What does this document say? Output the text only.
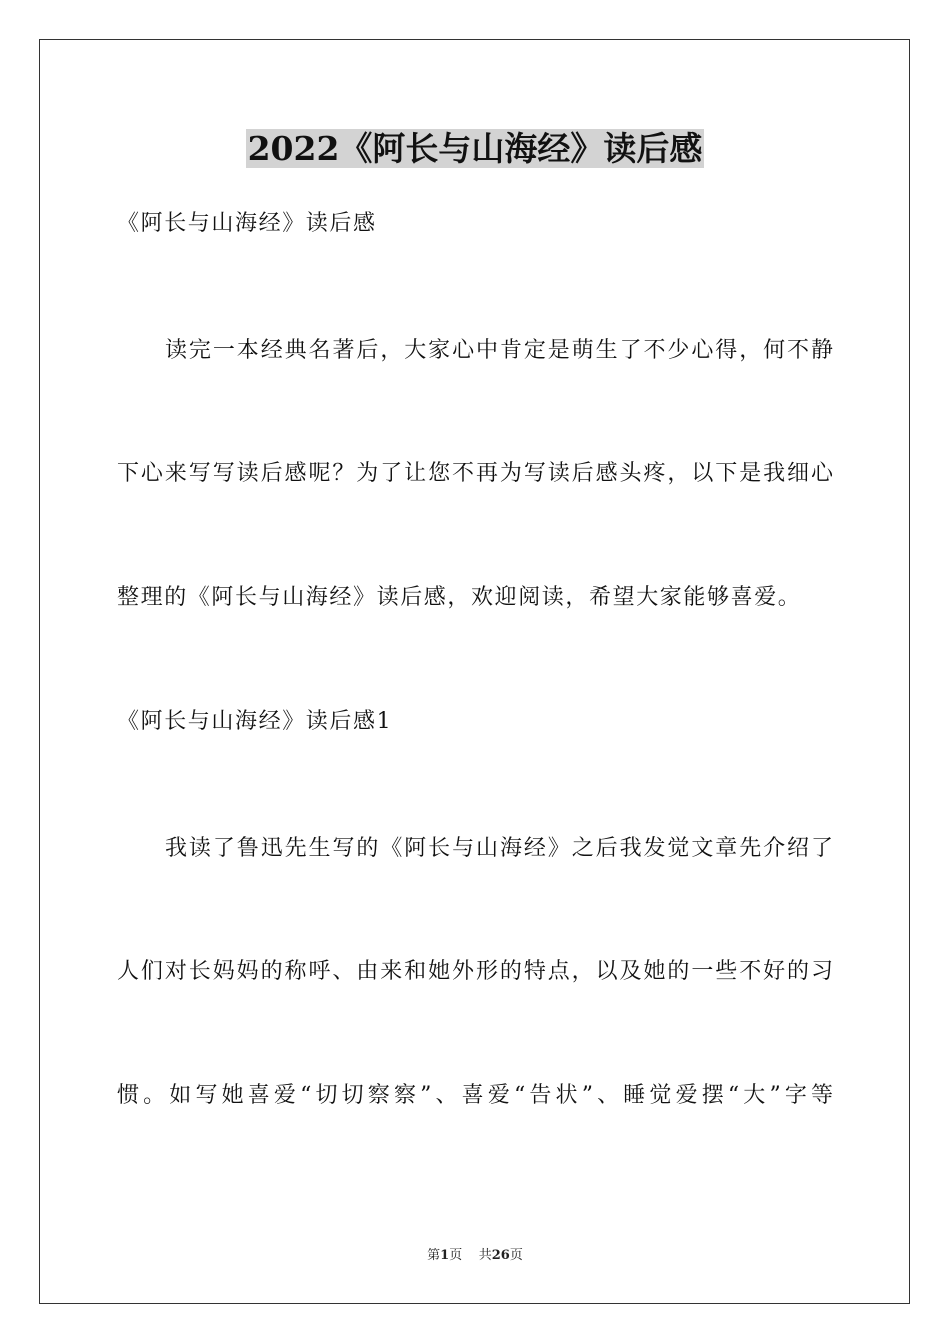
2022《阿长与山海经》读后感
《阿长与山海经》读后感
读完一本经典名著后，大家心中肯定是萌生了不少心得，何不静
下心来写写读后感呢？为了让您不再为写读后感头疼，以下是我细心
整理的《阿长与山海经》读后感，欢迎阅读，希望大家能够喜爱。
《阿长与山海经》读后感1
我读了鲁迅先生写的《阿长与山海经》之后我发觉文章先介绍了
人们对长妈妈的称呼、由来和她外形的特点，以及她的一些不好的习
惯。如写她喜爱“切切察察”、喜爱“告状”、睡觉爱摆“大”字等
第1页 共26页
